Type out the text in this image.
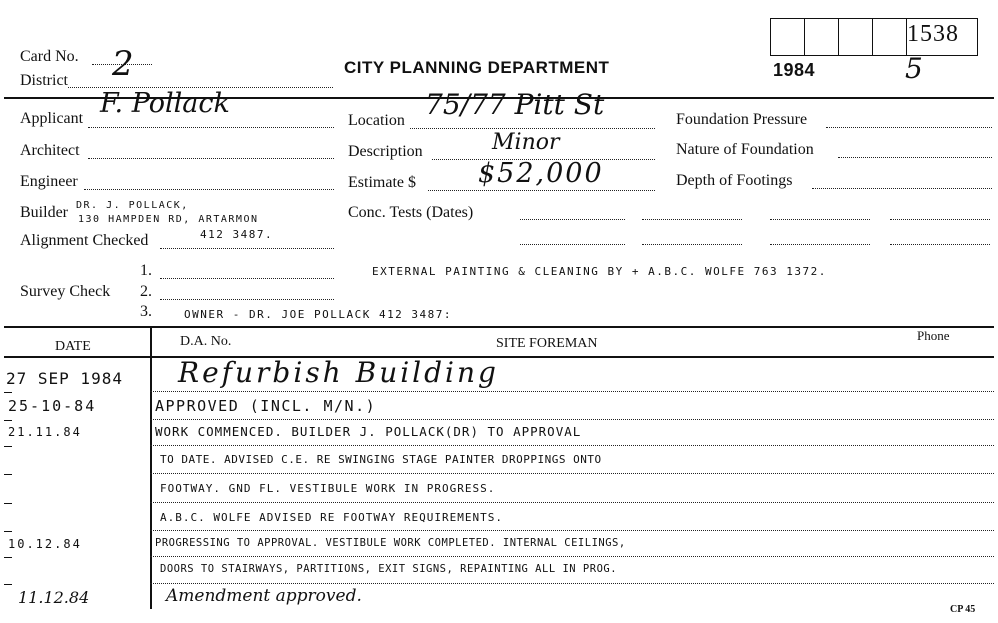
Card No.
District 2	CITY PLANNING DEPARTMENT	1984	5
1538
Applicant F. Pollack
Architect
Engineer
Builder DR. J. POLLACK,
130 HAMPDEN RD, ARTARMON
Alignment Checked	412 3487.
Location 75/77 Pitt St
Description	Minor
Estimate $ $52,000
Conc. Tests (Dates)
Foundation Pressure
Nature of Foundation
Depth of Footings
1.
Survey Check 2.
3.
EXTERNAL PAINTING & CLEANING BY + A.B.C. WOLFE 763 1372.
OWNER - DR. JOE POLLACK 412 3487:
DATE	D.A. No.	SITE FOREMAN
Phone
27 SEP 1984 Refurbish Building
25-10-84	APPROVED (INCL. M/N.)
21.11.84	WORK COMMENCED. BUILDER J. POLLACK(DR) TO APPROVAL
TO DATE. ADVISED C.E. RE SWINGING STAGE PAINTER DROPPINGS ONTO
FOOTWAY. GND FL. VESTIBULE WORK IN PROGRESS.
A.B.C. WOLFE ADVISED RE FOOTWAY REQUIREMENTS.
10.12.84	PROGRESSING TO APPROVAL. VESTIBULE WORK COMPLETED. INTERNAL CEILINGS,
DOORS TO STAIRWAYS, PARTITIONS, EXIT SIGNS, REPAINTING ALL IN PROG.
11.12.84	Amendment approved.
CP 45
